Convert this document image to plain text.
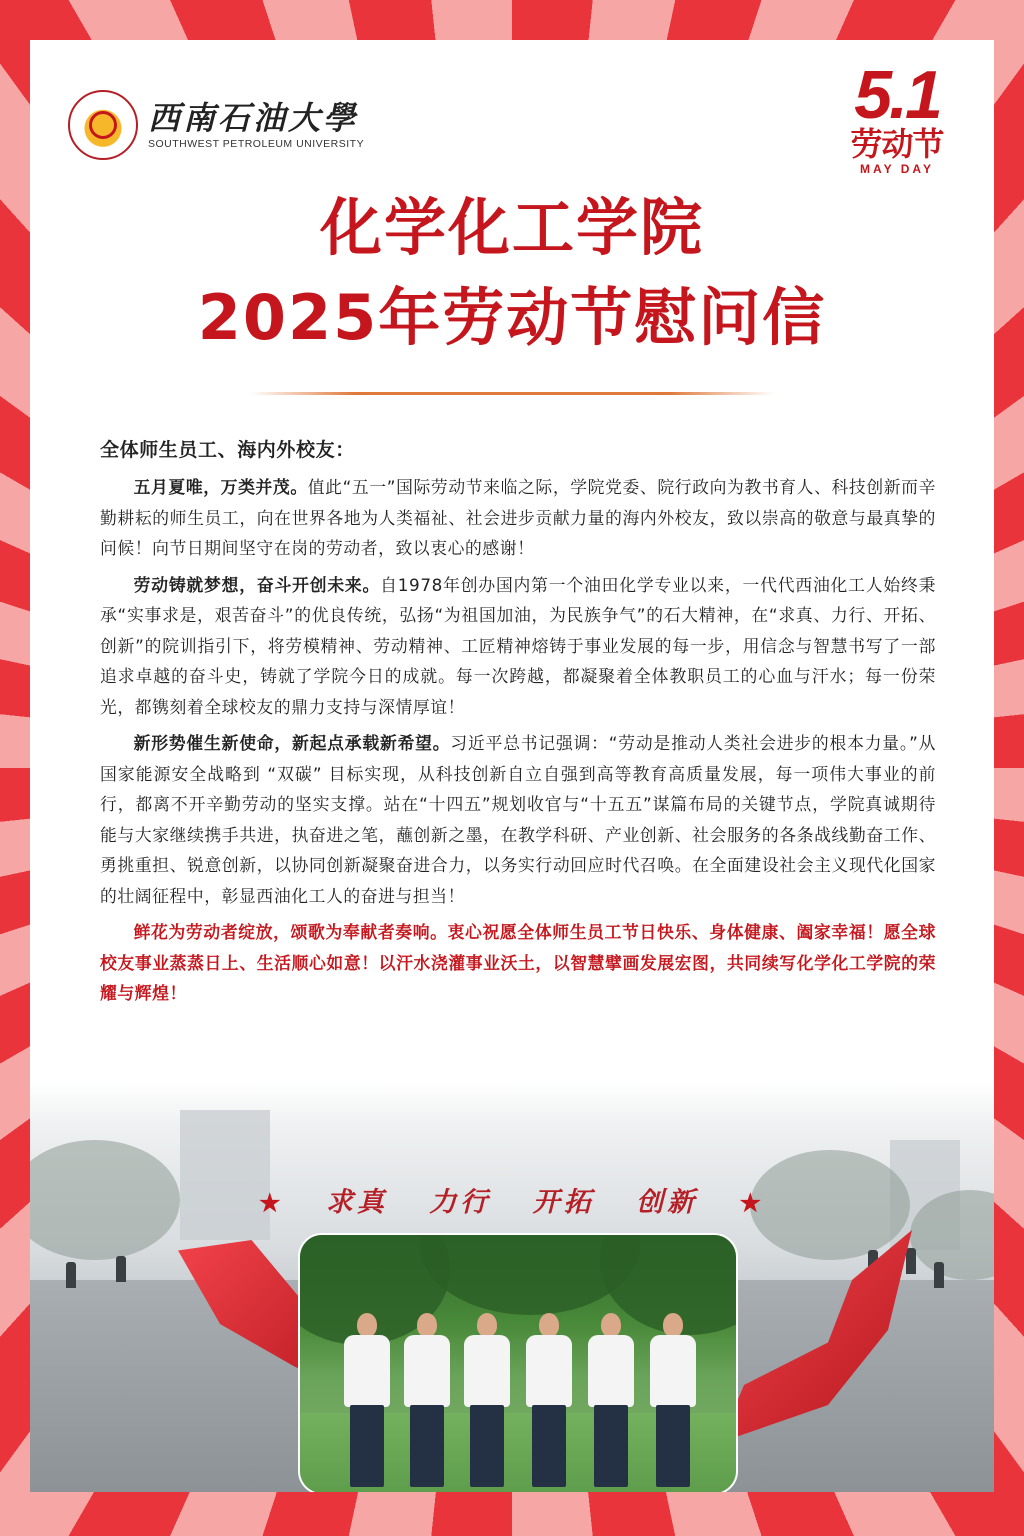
西南石油大學
SOUTHWEST PETROLEUM UNIVERSITY
5.1
劳动节
MAY DAY
化学化工学院
2025年劳动节慰问信
全体师生员工、海内外校友：

五月夏唯，万类并茂。值此“五一”国际劳动节来临之际，学院党委、院行政向为教书育人、科技创新而辛勤耕耘的师生员工，向在世界各地为人类福祉、社会进步贡献力量的海内外校友，致以崇高的敬意与最真挚的问候！向节日期间坚守在岗的劳动者，致以衷心的感谢！

劳动铸就梦想，奋斗开创未来。自1978年创办国内第一个油田化学专业以来，一代代西油化工人始终秉承“实事求是，艰苦奋斗”的优良传统，弘扬“为祖国加油，为民族争气”的石大精神，在“求真、力行、开拓、创新”的院训指引下，将劳模精神、劳动精神、工匠精神熔铸于事业发展的每一步，用信念与智慧书写了一部追求卓越的奋斗史，铸就了学院今日的成就。每一次跨越，都凝聚着全体教职员工的心血与汗水；每一份荣光，都镌刻着全球校友的鼎力支持与深情厚谊！

新形势催生新使命，新起点承载新希望。习近平总书记强调：“劳动是推动人类社会进步的根本力量。”从国家能源安全战略到 “双碳” 目标实现，从科技创新自立自强到高等教育高质量发展，每一项伟大事业的前行，都离不开辛勤劳动的坚实支撑。站在“十四五”规划收官与“十五五”谋篇布局的关键节点，学院真诚期待能与大家继续携手共进，执奋进之笔，蘸创新之墨，在教学科研、产业创新、社会服务的各条战线勤奋工作、勇挑重担、锐意创新，以协同创新凝聚奋进合力，以务实行动回应时代召唤。在全面建设社会主义现代化国家的壮阔征程中，彰显西油化工人的奋进与担当！

鲜花为劳动者绽放，颂歌为奉献者奏响。衷心祝愿全体师生员工节日快乐、身体健康、阖家幸福！愿全球校友事业蒸蒸日上、生活顺心如意！以汗水浇灌事业沃土，以智慧擘画发展宏图，共同续写化学化工学院的荣耀与辉煌！

★ 求真 力行 开拓 创新 ★
